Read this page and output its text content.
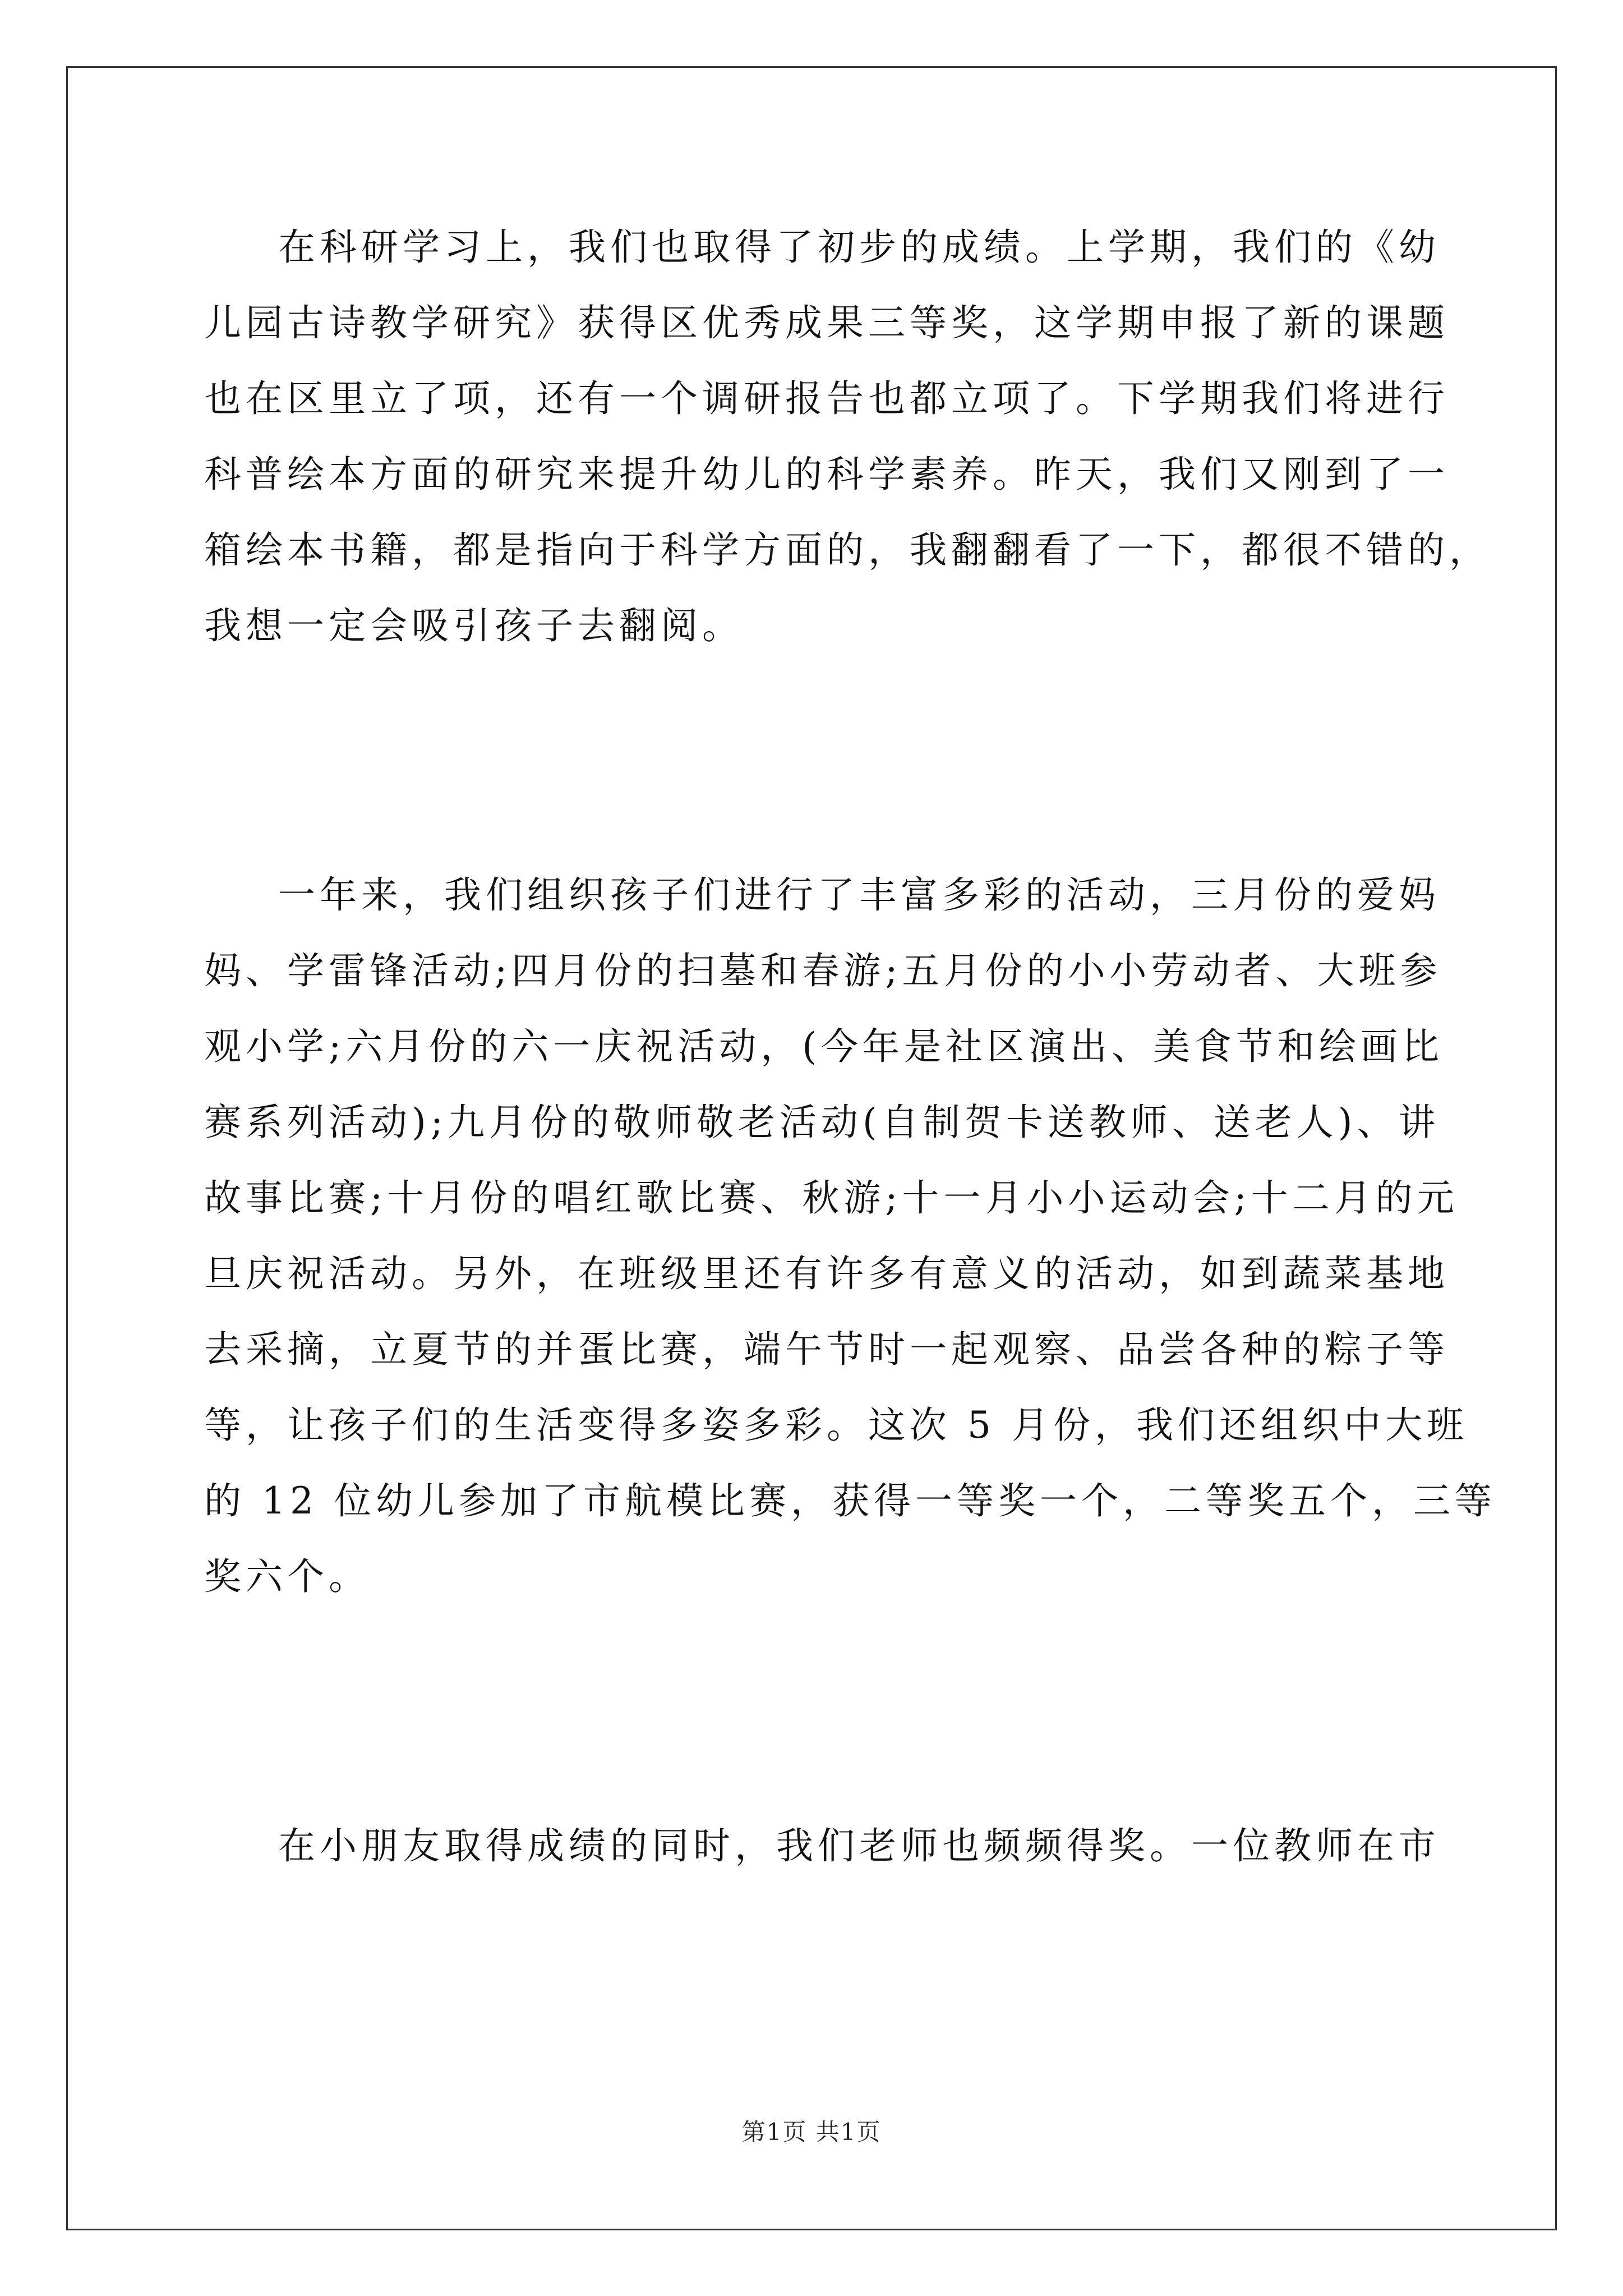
在科研学习上，我们也取得了初步的成绩。上学期，我们的《幼

儿园古诗教学研究》获得区优秀成果三等奖，这学期申报了新的课题

也在区里立了项，还有一个调研报告也都立项了。下学期我们将进行

科普绘本方面的研究来提升幼儿的科学素养。昨天，我们又刚到了一

箱绘本书籍，都是指向于科学方面的，我翻翻看了一下，都很不错的，

我想一定会吸引孩子去翻阅。

一年来，我们组织孩子们进行了丰富多彩的活动，三月份的爱妈

妈、学雷锋活动;四月份的扫墓和春游;五月份的小小劳动者、大班参

观小学;六月份的六一庆祝活动，(今年是社区演出、美食节和绘画比

赛系列活动);九月份的敬师敬老活动(自制贺卡送教师、送老人)、讲

故事比赛;十月份的唱红歌比赛、秋游;十一月小小运动会;十二月的元

旦庆祝活动。另外，在班级里还有许多有意义的活动，如到蔬菜基地

去采摘，立夏节的并蛋比赛，端午节时一起观察、品尝各种的粽子等

等，让孩子们的生活变得多姿多彩。这次 5 月份，我们还组织中大班

的 12 位幼儿参加了市航模比赛，获得一等奖一个，二等奖五个，三等

奖六个。

在小朋友取得成绩的同时，我们老师也频频得奖。一位教师在市

第1页 共1页
